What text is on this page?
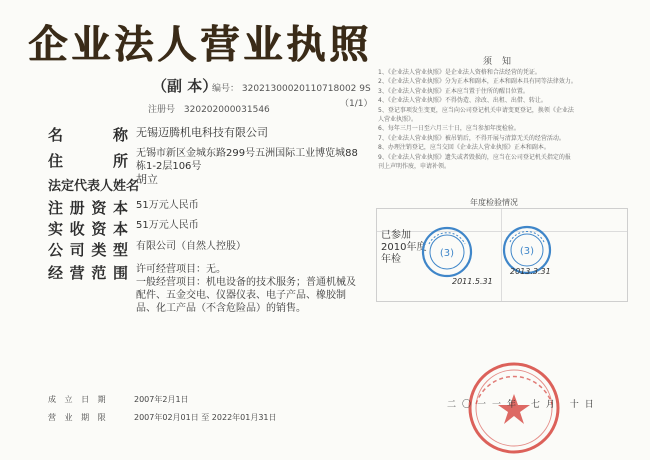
企业法人营业执照
（副 本）
编号： 32021300020110718002 9S
注册号 320202000031546
（1/1）
名 称 无锡迈腾机电科技有限公司
住 所 无锡市新区金城东路299号五洲国际工业博览城88栋1-2层106号
法定代表人姓名
胡立
注册资本 51万元人民币
实收资本 51万元人民币
公司类型 有限公司（自然人控股）
经营范围 许可经营项目：无。
一般经营项目：机电设备的技术服务；普通机械及配件、五金交电、仪器仪表、电子产品、橡胶制品、化工产品（不含危险品）的销售。
成 立 日 期	2007年2月1日
营 业 期 限	2007年02月01日 至 2022年01月31日
须知
1、《企业法人营业执照》是企业法人资格和合法经营的凭证。
2、《企业法人营业执照》分为正本和副本，正本和副本具有同等法律效力。
3、《企业法人营业执照》正本应当置于住所的醒目位置。
4、《企业法人营业执照》不得伪造、涂改、出租、出借、转让。
5、登记事项发生变更，应当向公司登记机关申请变更登记，换领《企业法
人营业执照》。
6、每年三月一日至六月三十日，应当参加年度检验。
7、《企业法人营业执照》被吊销后，不得开展与清算无关的经营活动。
8、办理注销登记，应当交回《企业法人营业执照》正本和副本。
9、《企业法人营业执照》遗失或者毁损的，应当在公司登记机关指定的报
刊上声明作废，申请补领。
年度检验情况
已参加2010年度年检
(3)	(3)
2011.5.31
2013.3.31
二〇一一年 七月 十日
